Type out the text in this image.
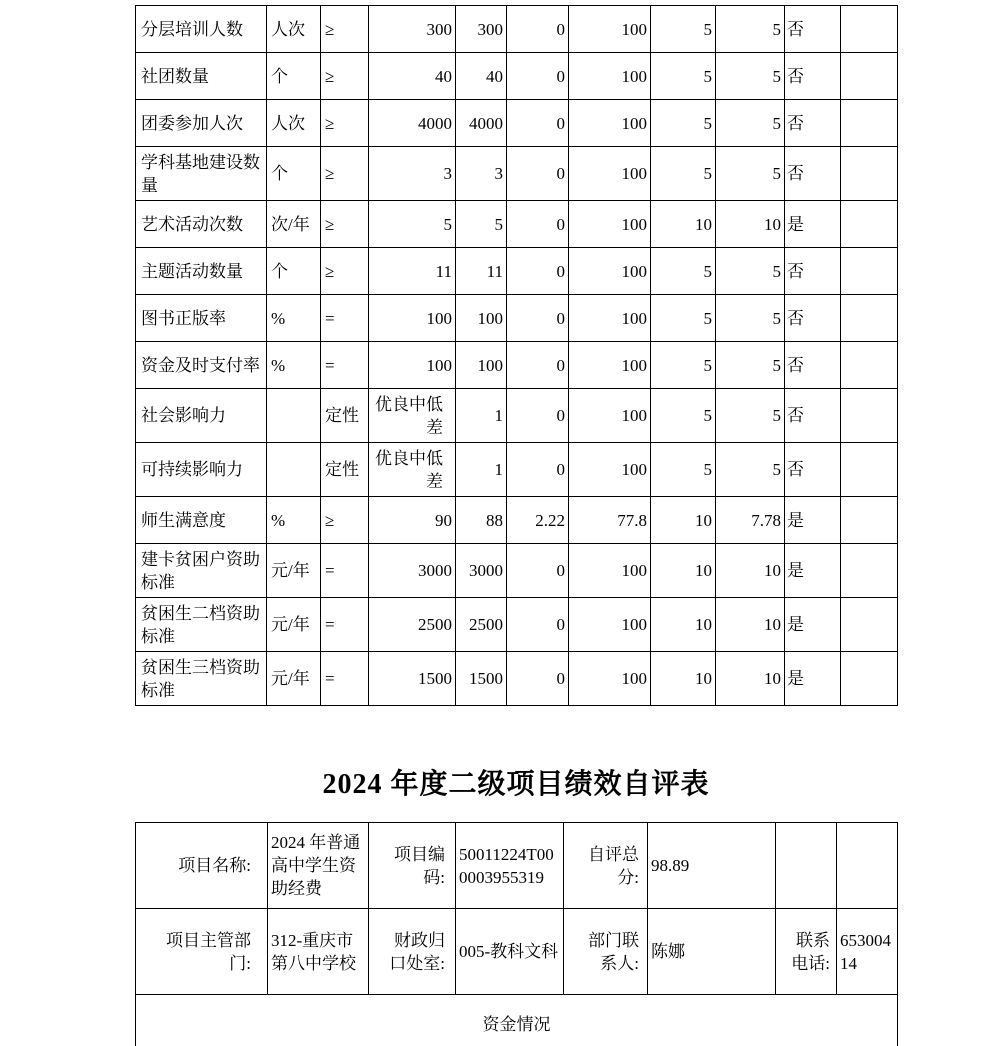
分层培训人数	人次	≥	300	300	0	100	5	5	否	
社团数量	个	≥	40	40	0	100	5	5	否	
团委参加人次	人次	≥	4000	4000	0	100	5	5	否	
学科基地建设数量	个	≥	3	3	0	100	5	5	否	
艺术活动次数	次/年	≥	5	5	0	100	10	10	是	
主题活动数量	个	≥	11	11	0	100	5	5	否	
图书正版率	%	=	100	100	0	100	5	5	否	
资金及时支付率	%	=	100	100	0	100	5	5	否	
社会影响力		定性	优良中低差	1	0	100	5	5	否	
可持续影响力		定性	优良中低差	1	0	100	5	5	否	
师生满意度	%	≥	90	88	2.22	77.8	10	7.78	是	
建卡贫困户资助标准	元/年	=	3000	3000	0	100	10	10	是	
贫困生二档资助标准	元/年	=	2500	2500	0	100	10	10	是	
贫困生三档资助标准	元/年	=	1500	1500	0	100	10	10	是	
2024 年度二级项目绩效自评表
项目名称:	2024 年普通高中学生资助经费	项目编码:	50011224T000003955319	自评总分:	98.89		
项目主管部门:	312-重庆市第八中学校	财政归口处室:	005-教科文科	部门联系人:	陈娜	联系电话:	65300414
资金情况							
